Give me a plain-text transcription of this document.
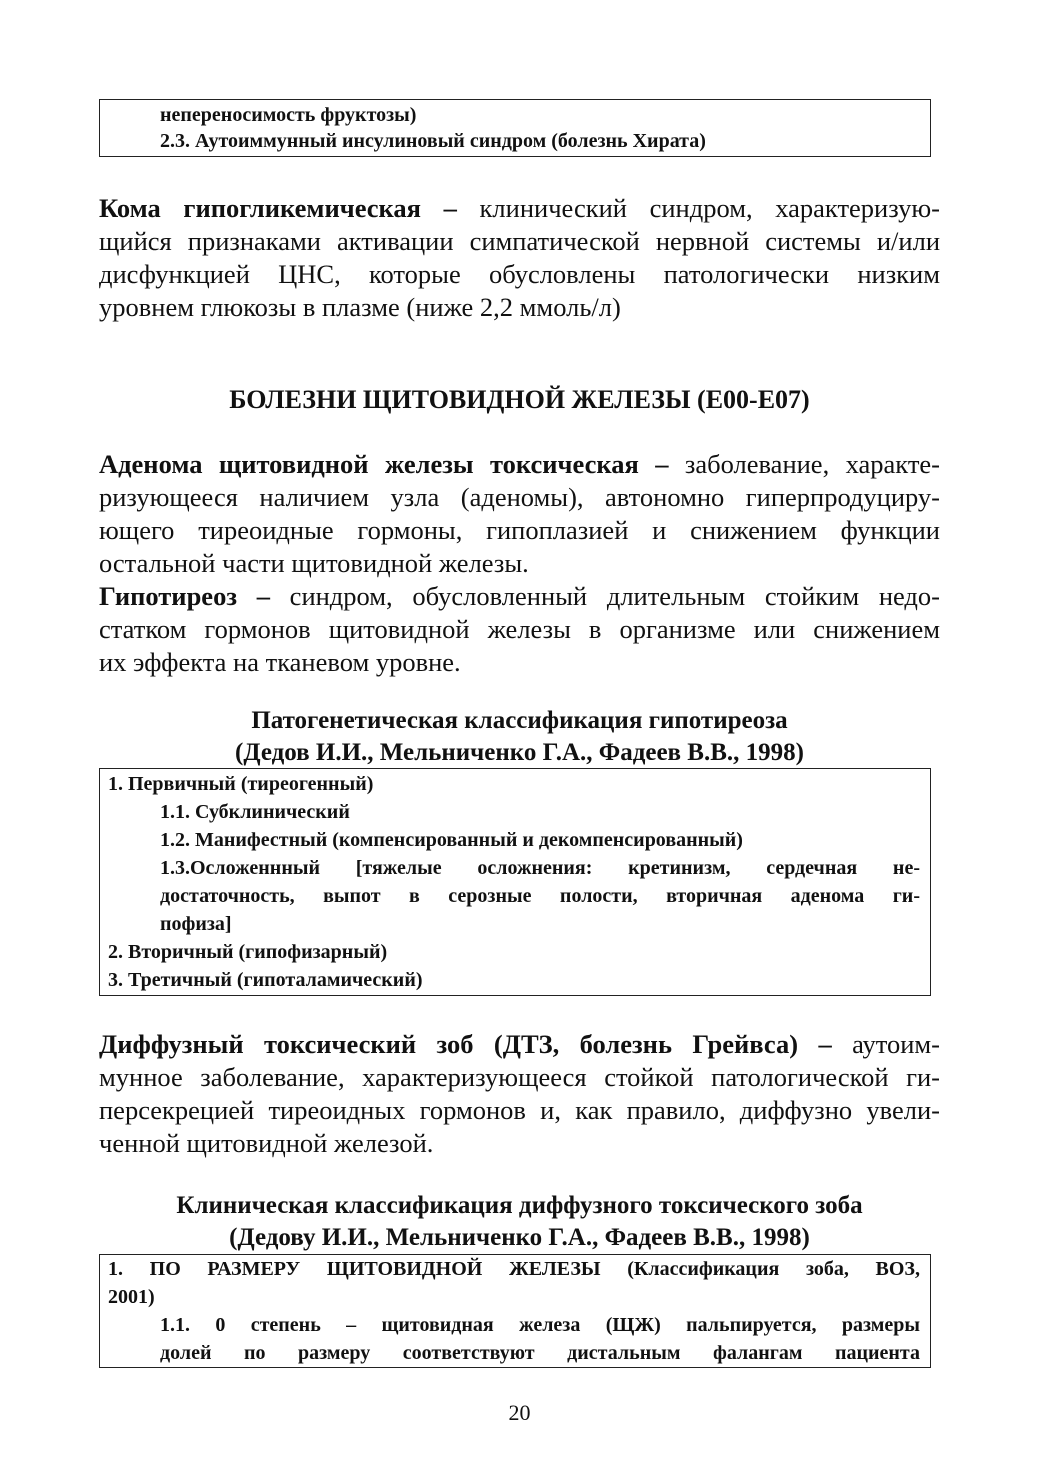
непереносимость фруктозы)
2.3. Аутоиммунный инсулиновый синдром (болезнь Хирата)
Кома гипогликемическая – клинический синдром, характеризую-
щийся признаками активации симпатической нервной системы и/или
дисфункцией ЦНС, которые обусловлены патологически низким
уровнем глюкозы в плазме (ниже 2,2 ммоль/л)
БОЛЕЗНИ ЩИТОВИДНОЙ ЖЕЛЕЗЫ (Е00-Е07)
Аденома щитовидной железы токсическая – заболевание, характе-
ризующееся наличием узла (аденомы), автономно гиперпродуциру-
ющего тиреоидные гормоны, гипоплазией и снижением функции
остальной части щитовидной железы.
Гипотиреоз – синдром, обусловленный длительным стойким недо-
статком гормонов щитовидной железы в организме или снижением
их эффекта на тканевом уровне.
Патогенетическая классификация гипотиреоза
(Дедов И.И., Мельниченко Г.А., Фадеев В.В., 1998)
1. Первичный (тиреогенный)
1.1. Субклинический
1.2. Манифестный (компенсированный и декомпенсированный)
1.3.Осложеннный [тяжелые осложнения: кретинизм, сердечная не-
достаточность, выпот в серозные полости, вторичная аденома ги-
пофиза]
2. Вторичный (гипофизарный)
3. Третичный (гипоталамический)
Диффузный токсический зоб (ДТЗ, болезнь Грейвса) – аутоим-
мунное заболевание, характеризующееся стойкой патологической ги-
персекрецией тиреоидных гормонов и, как правило, диффузно увели-
ченной щитовидной железой.
Клиническая классификация диффузного токсического зоба
(Дедову И.И., Мельниченко Г.А., Фадеев В.В., 1998)
1. ПО РАЗМЕРУ ЩИТОВИДНОЙ ЖЕЛЕЗЫ (Классификация зоба, ВОЗ,
2001)
1.1. 0 степень – щитовидная железа (ЩЖ) пальпируется, размеры
долей по размеру соответствуют дистальным фалангам пациента
20
